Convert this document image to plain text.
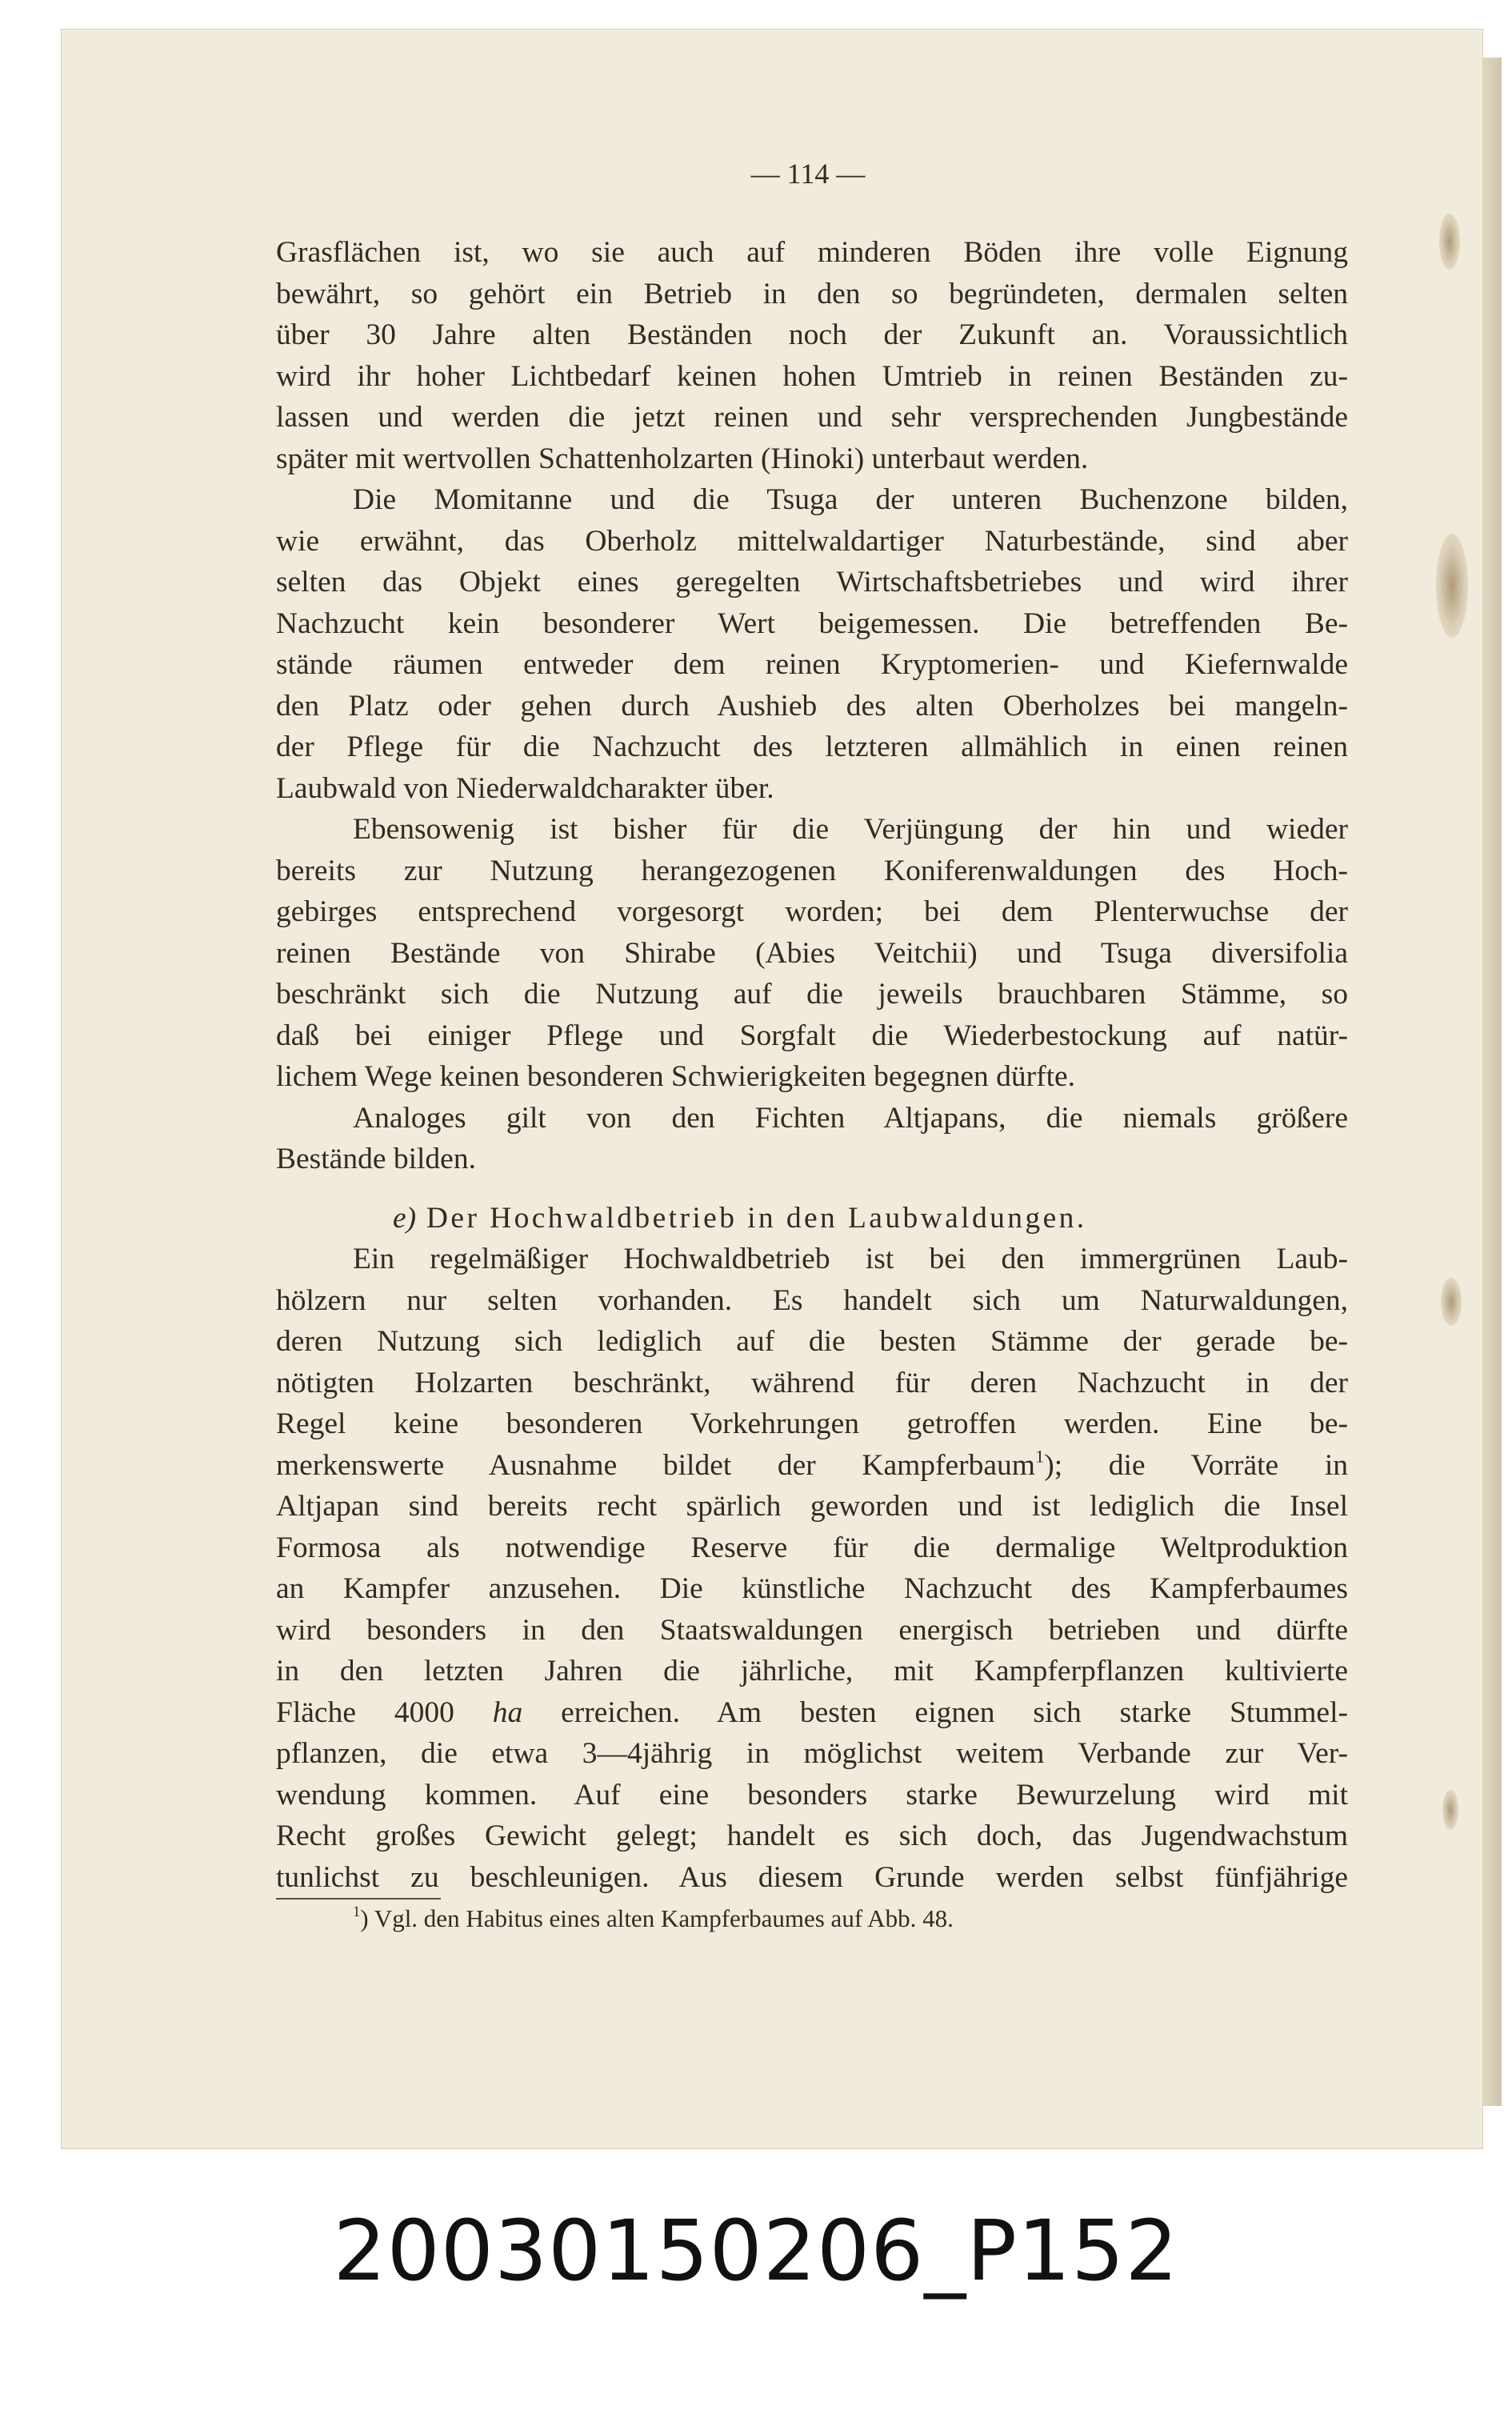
— 114 —

Grasflächen ist, wo sie auch auf minderen Böden ihre volle Eignung
bewährt, so gehört ein Betrieb in den so begründeten, dermalen selten
über 30 Jahre alten Beständen noch der Zukunft an. Voraussichtlich
wird ihr hoher Lichtbedarf keinen hohen Umtrieb in reinen Beständen zu-
lassen und werden die jetzt reinen und sehr versprechenden Jungbestände
später mit wertvollen Schattenholzarten (Hinoki) unterbaut werden.

Die Momitanne und die Tsuga der unteren Buchenzone bilden,
wie erwähnt, das Oberholz mittelwaldartiger Naturbestände, sind aber
selten das Objekt eines geregelten Wirtschaftsbetriebes und wird ihrer
Nachzucht kein besonderer Wert beigemessen. Die betreffenden Be-
stände räumen entweder dem reinen Kryptomerien- und Kiefernwalde
den Platz oder gehen durch Aushieb des alten Oberholzes bei mangeln-
der Pflege für die Nachzucht des letzteren allmählich in einen reinen
Laubwald von Niederwaldcharakter über.

Ebensowenig ist bisher für die Verjüngung der hin und wieder
bereits zur Nutzung herangezogenen Koniferenwaldungen des Hoch-
gebirges entsprechend vorgesorgt worden; bei dem Plenterwuchse der
reinen Bestände von Shirabe (Abies Veitchii) und Tsuga diversifolia
beschränkt sich die Nutzung auf die jeweils brauchbaren Stämme, so
daß bei einiger Pflege und Sorgfalt die Wiederbestockung auf natür-
lichem Wege keinen besonderen Schwierigkeiten begegnen dürfte.

Analoges gilt von den Fichten Altjapans, die niemals größere
Bestände bilden.

e) Der Hochwaldbetrieb in den Laubwaldungen.

Ein regelmäßiger Hochwaldbetrieb ist bei den immergrünen Laub-
hölzern nur selten vorhanden. Es handelt sich um Naturwaldungen,
deren Nutzung sich lediglich auf die besten Stämme der gerade be-
nötigten Holzarten beschränkt, während für deren Nachzucht in der
Regel keine besonderen Vorkehrungen getroffen werden. Eine be-
merkenswerte Ausnahme bildet der Kampferbaum$^1$); die Vorräte in
Altjapan sind bereits recht spärlich geworden und ist lediglich die Insel
Formosa als notwendige Reserve für die dermalige Weltproduktion
an Kampfer anzusehen. Die künstliche Nachzucht des Kampferbaumes
wird besonders in den Staatswaldungen energisch betrieben und dürfte
in den letzten Jahren die jährliche, mit Kampferpflanzen kultivierte
Fläche 4000 ha erreichen. Am besten eignen sich starke Stummel-
pflanzen, die etwa 3—4jährig in möglichst weitem Verbande zur Ver-
wendung kommen. Auf eine besonders starke Bewurzelung wird mit
Recht großes Gewicht gelegt; handelt es sich doch, das Jugendwachstum
tunlichst zu beschleunigen. Aus diesem Grunde werden selbst fünfjährige

$^1$) Vgl. den Habitus eines alten Kampferbaumes auf Abb. 48.

20030150206_P152
